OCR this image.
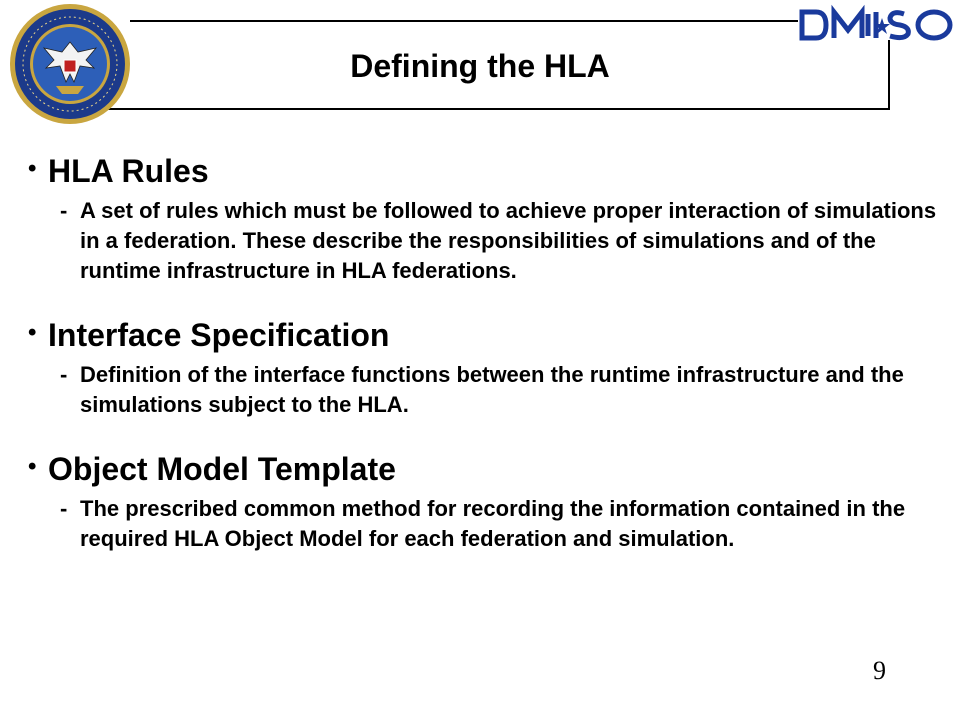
Defining the HLA
• HLA Rules
- A set of rules which must be followed to achieve proper interaction of simulations in a federation. These describe the responsibilities of simulations and of the runtime infrastructure in HLA federations.
• Interface Specification
- Definition of the interface functions between the runtime infrastructure and the simulations subject to the HLA.
• Object Model Template
- The prescribed common method for recording the information contained in the required HLA Object Model for each federation and simulation.
9
